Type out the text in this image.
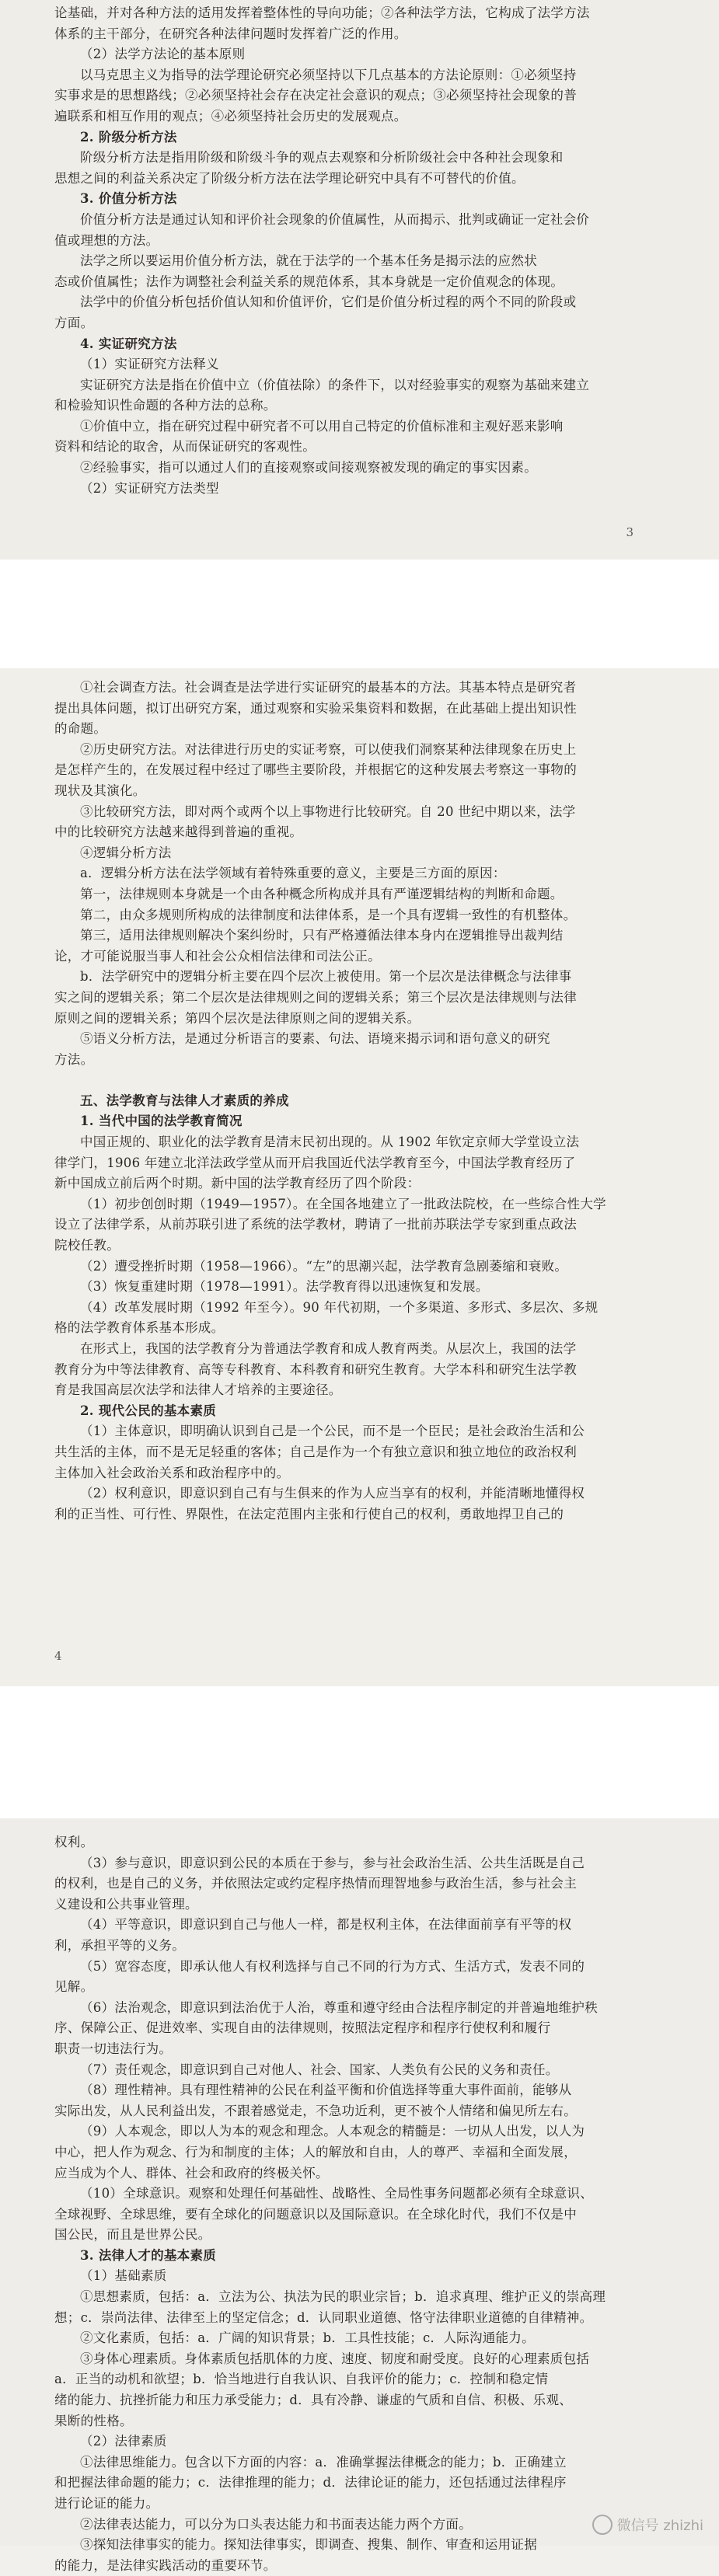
论基础，并对各种方法的适用发挥着整体性的导向功能；②各种法学方法，它构成了法学方法

体系的主干部分，在研究各种法律问题时发挥着广泛的作用。

（2）法学方法论的基本原则

以马克思主义为指导的法学理论研究必须坚持以下几点基本的方法论原则：①必须坚持

实事求是的思想路线；②必须坚持社会存在决定社会意识的观点；③必须坚持社会现象的普

遍联系和相互作用的观点；④必须坚持社会历史的发展观点。

2. 阶级分析方法

阶级分析方法是指用阶级和阶级斗争的观点去观察和分析阶级社会中各种社会现象和

思想之间的利益关系决定了阶级分析方法在法学理论研究中具有不可替代的价值。

3. 价值分析方法

价值分析方法是通过认知和评价社会现象的价值属性，从而揭示、批判或确证一定社会价

值或理想的方法。

法学之所以要运用价值分析方法，就在于法学的一个基本任务是揭示法的应然状

态或价值属性；法作为调整社会利益关系的规范体系，其本身就是一定价值观念的体现。

法学中的价值分析包括价值认知和价值评价，它们是价值分析过程的两个不同的阶段或

方面。

4. 实证研究方法

（1）实证研究方法释义

实证研究方法是指在价值中立（价值祛除）的条件下，以对经验事实的观察为基础来建立

和检验知识性命题的各种方法的总称。

①价值中立，指在研究过程中研究者不可以用自己特定的价值标准和主观好恶来影响

资料和结论的取舍，从而保证研究的客观性。

②经验事实，指可以通过人们的直接观察或间接观察被发现的确定的事实因素。

（2）实证研究方法类型

3

①社会调查方法。社会调查是法学进行实证研究的最基本的方法。其基本特点是研究者

提出具体问题，拟订出研究方案，通过观察和实验采集资料和数据，在此基础上提出知识性

的命题。

②历史研究方法。对法律进行历史的实证考察，可以使我们洞察某种法律现象在历史上

是怎样产生的，在发展过程中经过了哪些主要阶段，并根据它的这种发展去考察这一事物的

现状及其演化。

③比较研究方法，即对两个或两个以上事物进行比较研究。自 20 世纪中期以来，法学

中的比较研究方法越来越得到普遍的重视。

④逻辑分析方法

a．逻辑分析方法在法学领域有着特殊重要的意义，主要是三方面的原因：

第一，法律规则本身就是一个由各种概念所构成并具有严谨逻辑结构的判断和命题。

第二，由众多规则所构成的法律制度和法律体系，是一个具有逻辑一致性的有机整体。

第三，适用法律规则解决个案纠纷时，只有严格遵循法律本身内在逻辑推导出裁判结

论，才可能说服当事人和社会公众相信法律和司法公正。

b．法学研究中的逻辑分析主要在四个层次上被使用。第一个层次是法律概念与法律事

实之间的逻辑关系；第二个层次是法律规则之间的逻辑关系；第三个层次是法律规则与法律

原则之间的逻辑关系；第四个层次是法律原则之间的逻辑关系。

⑤语义分析方法，是通过分析语言的要素、句法、语境来揭示词和语句意义的研究

方法。

五、法学教育与法律人才素质的养成

1. 当代中国的法学教育简况

中国正规的、职业化的法学教育是清末民初出现的。从 1902 年钦定京师大学堂设立法

律学门，1906 年建立北洋法政学堂从而开启我国近代法学教育至今，中国法学教育经历了

新中国成立前后两个时期。新中国的法学教育经历了四个阶段：

（1）初步创创时期（1949—1957）。在全国各地建立了一批政法院校，在一些综合性大学

设立了法律学系，从前苏联引进了系统的法学教材，聘请了一批前苏联法学专家到重点政法

院校任教。

（2）遭受挫折时期（1958—1966）。“左”的思潮兴起，法学教育急剧萎缩和衰败。

（3）恢复重建时期（1978—1991）。法学教育得以迅速恢复和发展。

（4）改革发展时期（1992 年至今）。90 年代初期，一个多渠道、多形式、多层次、多规

格的法学教育体系基本形成。

在形式上，我国的法学教育分为普通法学教育和成人教育两类。从层次上，我国的法学

教育分为中等法律教育、高等专科教育、本科教育和研究生教育。大学本科和研究生法学教

育是我国高层次法学和法律人才培养的主要途径。

2. 现代公民的基本素质

（1）主体意识，即明确认识到自己是一个公民，而不是一个臣民；是社会政治生活和公

共生活的主体，而不是无足轻重的客体；自己是作为一个有独立意识和独立地位的政治权利

主体加入社会政治关系和政治程序中的。

（2）权利意识，即意识到自己有与生俱来的作为人应当享有的权利，并能清晰地懂得权

利的正当性、可行性、界限性，在法定范围内主张和行使自己的权利，勇敢地捍卫自己的

4

权利。

（3）参与意识，即意识到公民的本质在于参与，参与社会政治生活、公共生活既是自己

的权利，也是自己的义务，并依照法定或约定程序热情而理智地参与政治生活，参与社会主

义建设和公共事业管理。

（4）平等意识，即意识到自己与他人一样，都是权利主体，在法律面前享有平等的权

利，承担平等的义务。

（5）宽容态度，即承认他人有权利选择与自己不同的行为方式、生活方式，发表不同的

见解。

（6）法治观念，即意识到法治优于人治，尊重和遵守经由合法程序制定的并普遍地维护秩

序、保障公正、促进效率、实现自由的法律规则，按照法定程序和程序行使权利和履行

职责一切违法行为。

（7）责任观念，即意识到自己对他人、社会、国家、人类负有公民的义务和责任。

（8）理性精神。具有理性精神的公民在利益平衡和价值选择等重大事件面前，能够从

实际出发，从人民利益出发，不跟着感觉走，不急功近利，更不被个人情绪和偏见所左右。

（9）人本观念，即以人为本的观念和理念。人本观念的精髓是：一切从人出发，以人为

中心，把人作为观念、行为和制度的主体；人的解放和自由，人的尊严、幸福和全面发展，

应当成为个人、群体、社会和政府的终极关怀。

（10）全球意识。观察和处理任何基础性、战略性、全局性事务问题都必须有全球意识、

全球视野、全球思维，要有全球化的问题意识以及国际意识。在全球化时代，我们不仅是中

国公民，而且是世界公民。

3. 法律人才的基本素质

（1）基础素质

①思想素质，包括：a．立法为公、执法为民的职业宗旨；b．追求真理、维护正义的崇高理

想；c．崇尚法律、法律至上的坚定信念；d．认同职业道德、恪守法律职业道德的自律精神。

②文化素质，包括：a．广阔的知识背景；b．工具性技能；c．人际沟通能力。

③身体心理素质。身体素质包括肌体的力度、速度、韧度和耐受度。良好的心理素质包括

a．正当的动机和欲望；b．恰当地进行自我认识、自我评价的能力；c．控制和稳定情

绪的能力、抗挫折能力和压力承受能力；d．具有冷静、谦虚的气质和自信、积极、乐观、

果断的性格。

（2）法律素质

①法律思维能力。包含以下方面的内容：a．准确掌握法律概念的能力；b．正确建立

和把握法律命题的能力；c．法律推理的能力；d．法律论证的能力，还包括通过法律程序

进行论证的能力。

②法律表达能力，可以分为口头表达能力和书面表达能力两个方面。

③探知法律事实的能力。探知法律事实，即调查、搜集、制作、审查和运用证据

的能力，是法律实践活动的重要环节。

微信号 zhizhi
